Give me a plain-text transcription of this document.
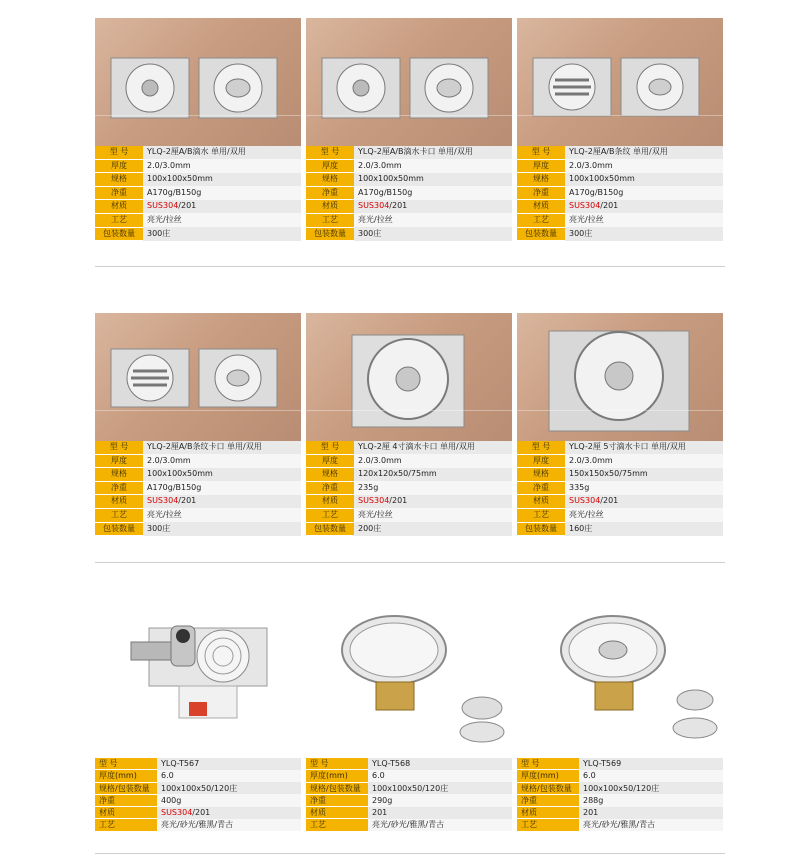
型 号	YLQ-2厘A/B滴水 单用/双用
厚度	2.0/3.0mm
规格	100x100x50mm
净重	A170g/B150g
材质	SUS304/201
工艺	亮光/拉丝
包装数量	300庄
型 号	YLQ-2厘A/B滴水卡口 单用/双用
厚度	2.0/3.0mm
规格	100x100x50mm
净重	A170g/B150g
材质	SUS304/201
工艺	亮光/拉丝
包装数量	300庄
型 号	YLQ-2厘A/B条纹 单用/双用
厚度	2.0/3.0mm
规格	100x100x50mm
净重	A170g/B150g
材质	SUS304/201
工艺	亮光/拉丝
包装数量	300庄
型 号	YLQ-2厘A/B条纹卡口 单用/双用
厚度	2.0/3.0mm
规格	100x100x50mm
净重	A170g/B150g
材质	SUS304/201
工艺	亮光/拉丝
包装数量	300庄
型 号	YLQ-2厘 4寸滴水卡口 单用/双用
厚度	2.0/3.0mm
规格	120x120x50/75mm
净重	235g
材质	SUS304/201
工艺	亮光/拉丝
包装数量	200庄
型 号	YLQ-2厘 5寸滴水卡口 单用/双用
厚度	2.0/3.0mm
规格	150x150x50/75mm
净重	335g
材质	SUS304/201
工艺	亮光/拉丝
包装数量	160庄
型 号	YLQ-T567
厚度(mm)	6.0
规格/包装数量	100x100x50/120庄
净重	400g
材质	SUS304/201
工艺	亮光/砂光/雅黑/青古
型 号	YLQ-T568
厚度(mm)	6.0
规格/包装数量	100x100x50/120庄
净重	290g
材质	201
工艺	亮光/砂光/雅黑/青古
型 号	YLQ-T569
厚度(mm)	6.0
规格/包装数量	100x100x50/120庄
净重	288g
材质	201
工艺	亮光/砂光/雅黑/青古
